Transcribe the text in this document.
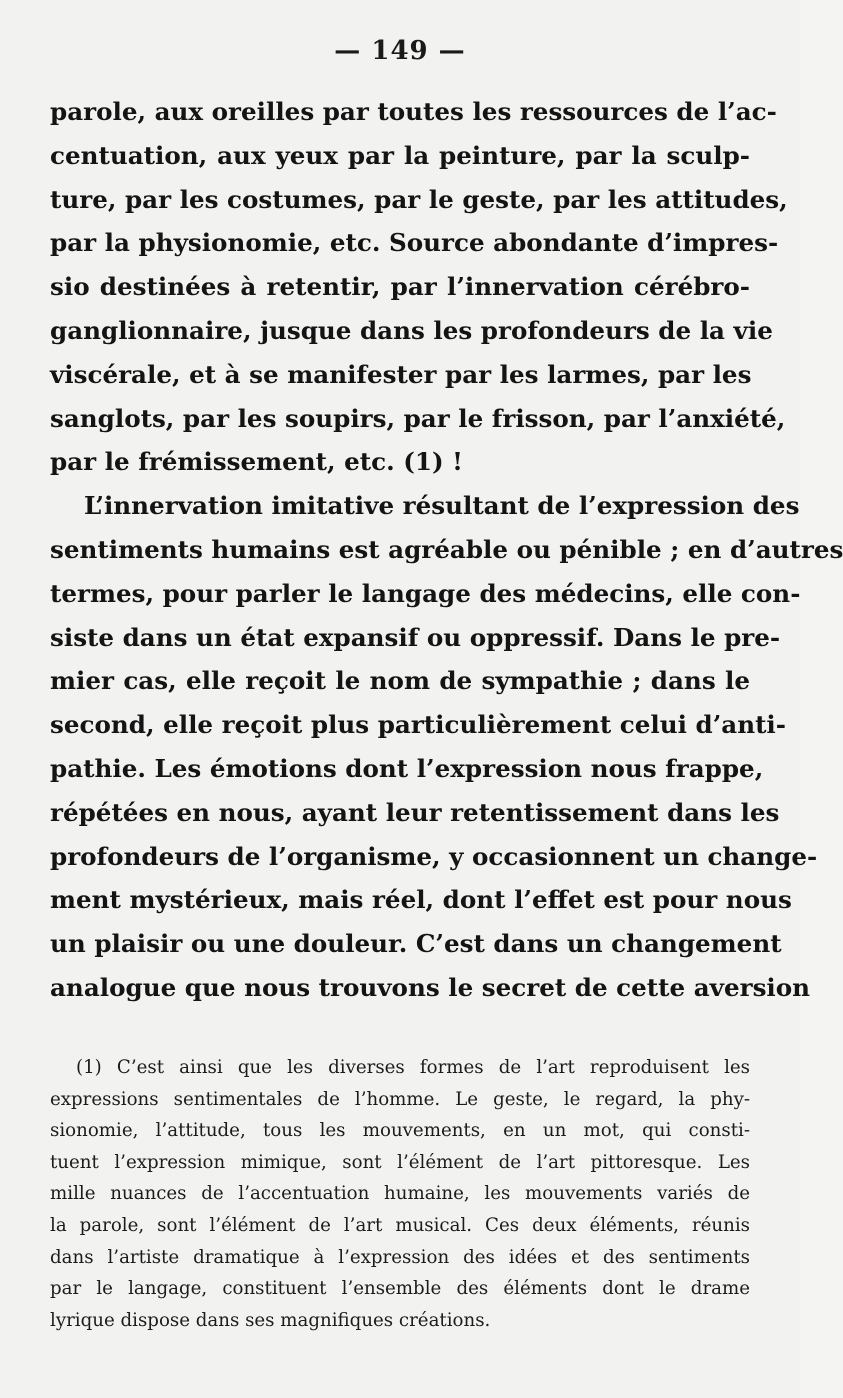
— 149 —
parole, aux oreilles par toutes les ressources de l’ac-
centuation, aux yeux par la peinture, par la sculp-
ture, par les costumes, par le geste, par les attitudes,
par la physionomie, etc. Source abondante d’impres-
sio destinées à retentir, par l’innervation cérébro-
ganglionnaire, jusque dans les profondeurs de la vie
viscérale, et à se manifester par les larmes, par les
sanglots, par les soupirs, par le frisson, par l’anxiété,
par le frémissement, etc. (1) !
L’innervation imitative résultant de l’expression des
sentiments humains est agréable ou pénible ; en d’autres
termes, pour parler le langage des médecins, elle con-
siste dans un état expansif ou oppressif. Dans le pre-
mier cas, elle reçoit le nom de sympathie ; dans le
second, elle reçoit plus particulièrement celui d’anti-
pathie. Les émotions dont l’expression nous frappe,
répétées en nous, ayant leur retentissement dans les
profondeurs de l’organisme, y occasionnent un change-
ment mystérieux, mais réel, dont l’effet est pour nous
un plaisir ou une douleur. C’est dans un changement
analogue que nous trouvons le secret de cette aversion
(1) C’est ainsi que les diverses formes de l’art reproduisent les
expressions sentimentales de l’homme. Le geste, le regard, la phy-
sionomie, l’attitude, tous les mouvements, en un mot, qui consti-
tuent l’expression mimique, sont l’élément de l’art pittoresque. Les
mille nuances de l’accentuation humaine, les mouvements variés de
la parole, sont l’élément de l’art musical. Ces deux éléments, réunis
dans l’artiste dramatique à l’expression des idées et des sentiments
par le langage, constituent l’ensemble des éléments dont le drame
lyrique dispose dans ses magnifiques créations.
